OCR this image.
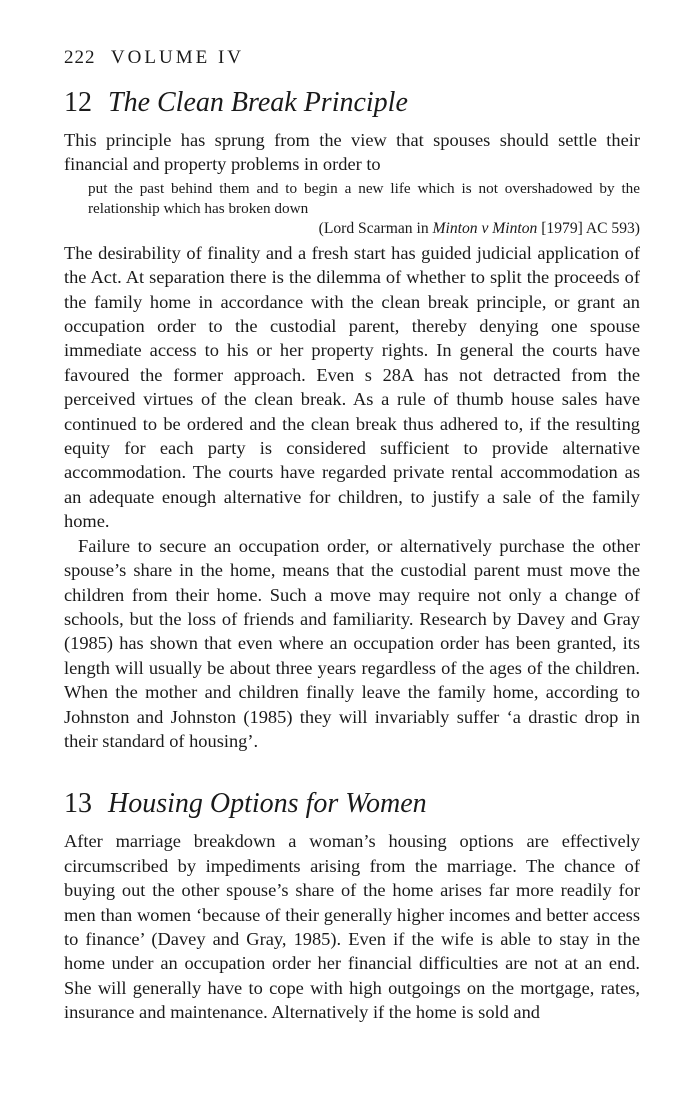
222 VOLUME IV
12 The Clean Break Principle

This principle has sprung from the view that spouses should settle their financial and property problems in order to

put the past behind them and to begin a new life which is not overshadowed by the relationship which has broken down
(Lord Scarman in Minton v Minton [1979] AC 593)

The desirability of finality and a fresh start has guided judicial application of the Act. At separation there is the dilemma of whether to split the proceeds of the family home in accordance with the clean break principle, or grant an occupation order to the custodial parent, thereby denying one spouse immediate access to his or her property rights. In general the courts have favoured the former approach. Even s 28A has not detracted from the perceived virtues of the clean break. As a rule of thumb house sales have continued to be ordered and the clean break thus adhered to, if the resulting equity for each party is considered sufficient to provide alternative accommodation. The courts have regarded private rental accommodation as an adequate enough alternative for children, to justify a sale of the family home.

Failure to secure an occupation order, or alternatively purchase the other spouse’s share in the home, means that the custodial parent must move the children from their home. Such a move may require not only a change of schools, but the loss of friends and familiarity. Research by Davey and Gray (1985) has shown that even where an occupation order has been granted, its length will usually be about three years regardless of the ages of the children. When the mother and children finally leave the family home, according to Johnston and Johnston (1985) they will invariably suffer ‘a drastic drop in their standard of housing’.

13 Housing Options for Women

After marriage breakdown a woman’s housing options are effectively circumscribed by impediments arising from the marriage. The chance of buying out the other spouse’s share of the home arises far more readily for men than women ‘because of their generally higher incomes and better access to finance’ (Davey and Gray, 1985). Even if the wife is able to stay in the home under an occupation order her financial difficulties are not at an end. She will generally have to cope with high outgoings on the mortgage, rates, insurance and maintenance. Alternatively if the home is sold and
